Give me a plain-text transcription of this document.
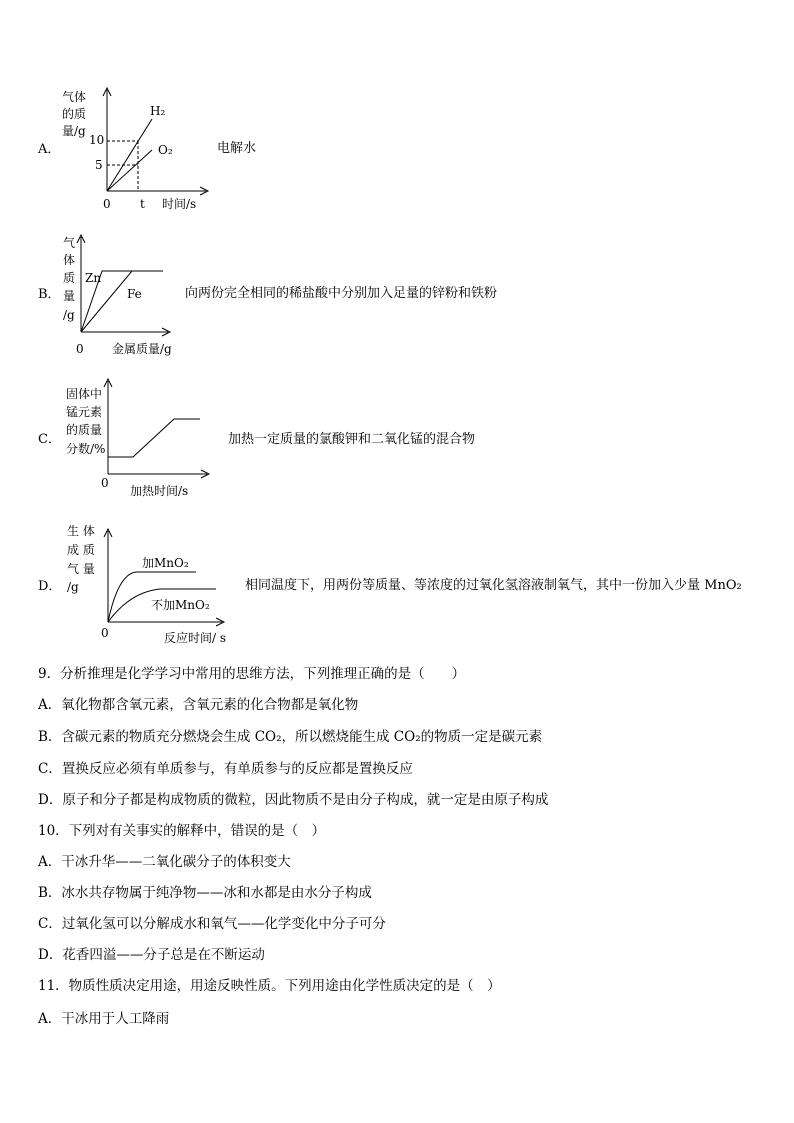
A．
气体
的质
量/g
10
5
0 t 时间/s
H₂
O₂	电解水
B．
气
体
质
量
/g
0 金属质量/g
Zn
Fe	向两份完全相同的稀盐酸中分别加入足量的锌粉和铁粉
C．
固体中
锰元素
的质量
分数/%
0
加热时间/s
加热一定质量的氯酸钾和二氧化锰的混合物
D．
生 体
成 质
气 量
/g
0	反应时间/ s
加MnO₂
不加MnO₂
相同温度下，用两份等质量、等浓度的过氧化氢溶液制氧气，其中一份加入少量 MnO₂
9．分析推理是化学学习中常用的思维方法，下列推理正确的是（　　）
A．氧化物都含氧元素，含氧元素的化合物都是氧化物
B．含碳元素的物质充分燃烧会生成 CO₂，所以燃烧能生成 CO₂的物质一定是碳元素
C．置换反应必须有单质参与，有单质参与的反应都是置换反应
D．原子和分子都是构成物质的微粒，因此物质不是由分子构成，就一定是由原子构成
10．下列对有关事实的解释中，错误的是（　）
A．干冰升华——二氧化碳分子的体积变大
B．冰水共存物属于纯净物——冰和水都是由水分子构成
C．过氧化氢可以分解成水和氧气——化学变化中分子可分
D．花香四溢——分子总是在不断运动
11．物质性质决定用途，用途反映性质。下列用途由化学性质决定的是（　）
A．干冰用于人工降雨
